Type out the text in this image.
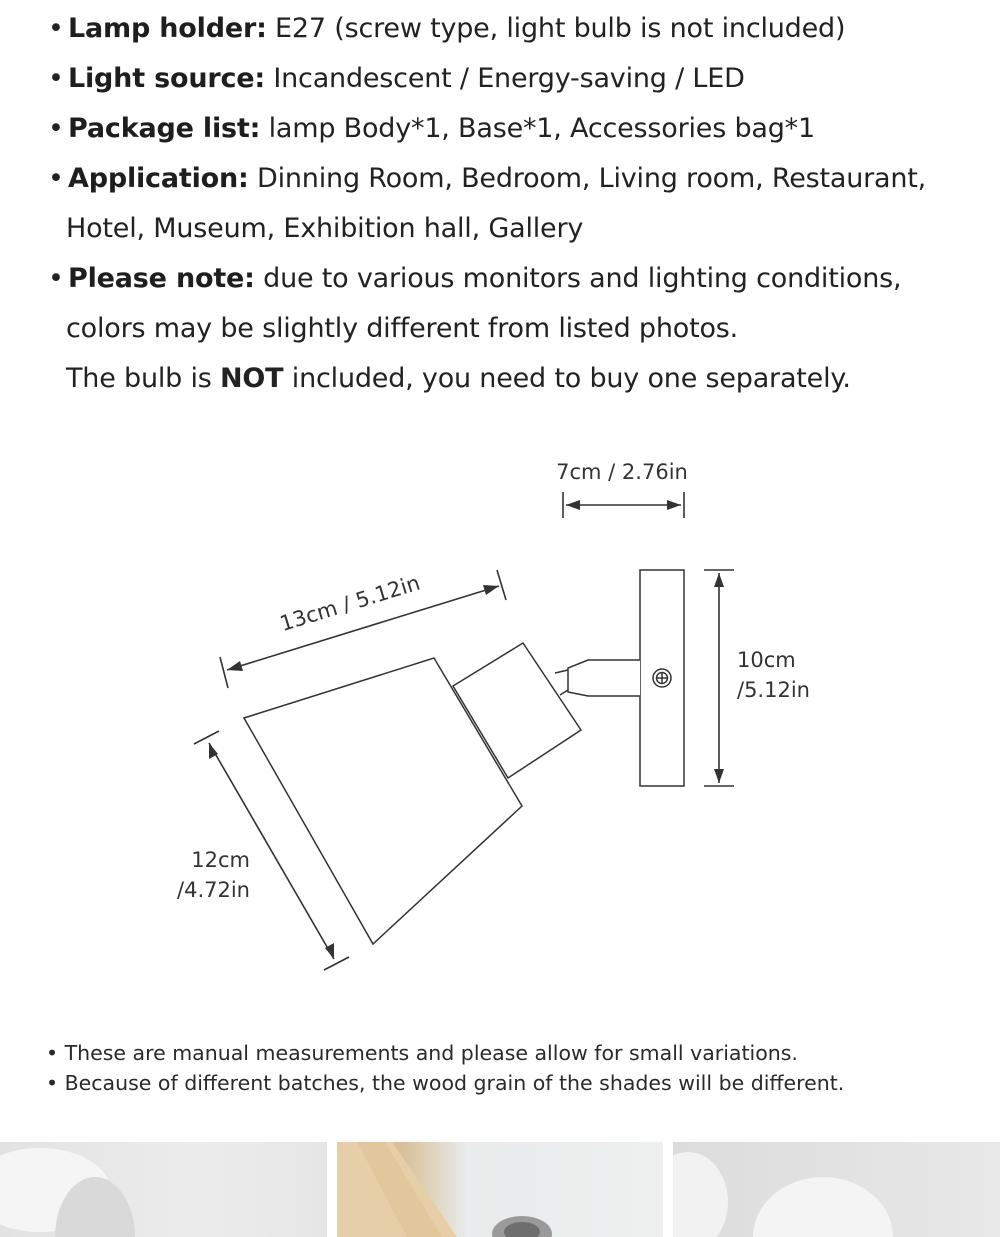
• Lamp holder: E27 (screw type, light bulb is not included)
• Light source: Incandescent / Energy-saving / LED
• Package list: lamp Body*1, Base*1, Accessories bag*1
• Application: Dinning Room, Bedroom, Living room, Restaurant,
Hotel, Museum, Exhibition hall, Gallery
• Please note: due to various monitors and lighting conditions,
colors may be slightly different from listed photos.
The bulb is NOT included, you need to buy one separately.
7cm / 2.76in
10cm
/5.12in
13cm / 5.12in
12cm
/4.72in
• These are manual measurements and please allow for small variations.
• Because of different batches, the wood grain of the shades will be different.
